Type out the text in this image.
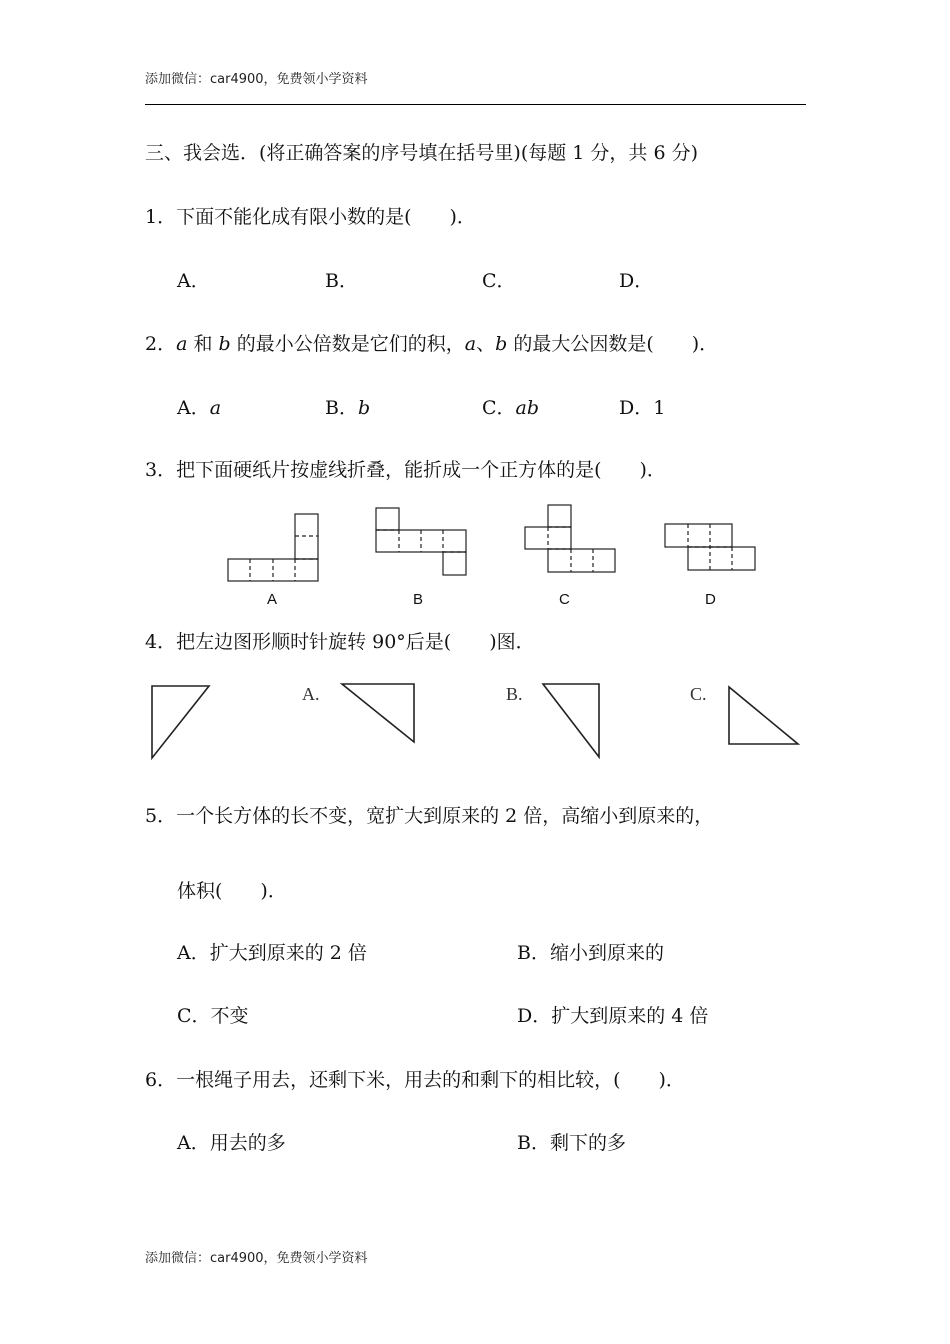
添加微信：car4900，免费领小学资料
三、我会选．(将正确答案的序号填在括号里)(每题 1 分，共 6 分)
1．下面不能化成有限小数的是(　　)．
A．	B．	C．	D．
2．a 和 b 的最小公倍数是它们的积，a、b 的最大公因数是(　　)．
A．a	B．b	C．ab	D．1
3．把下面硬纸片按虚线折叠，能折成一个正方体的是(　　)．
A	B	C	D
4．把左边图形顺时针旋转 90°后是(　　)图．
A.	B.	C.
5．一个长方体的长不变，宽扩大到原来的 2 倍，高缩小到原来的，
体积(　　)．
A．扩大到原来的 2 倍	B．缩小到原来的
C．不变	D．扩大到原来的 4 倍
6．一根绳子用去，还剩下米，用去的和剩下的相比较，(　　)．
A．用去的多	B．剩下的多
添加微信：car4900，免费领小学资料
